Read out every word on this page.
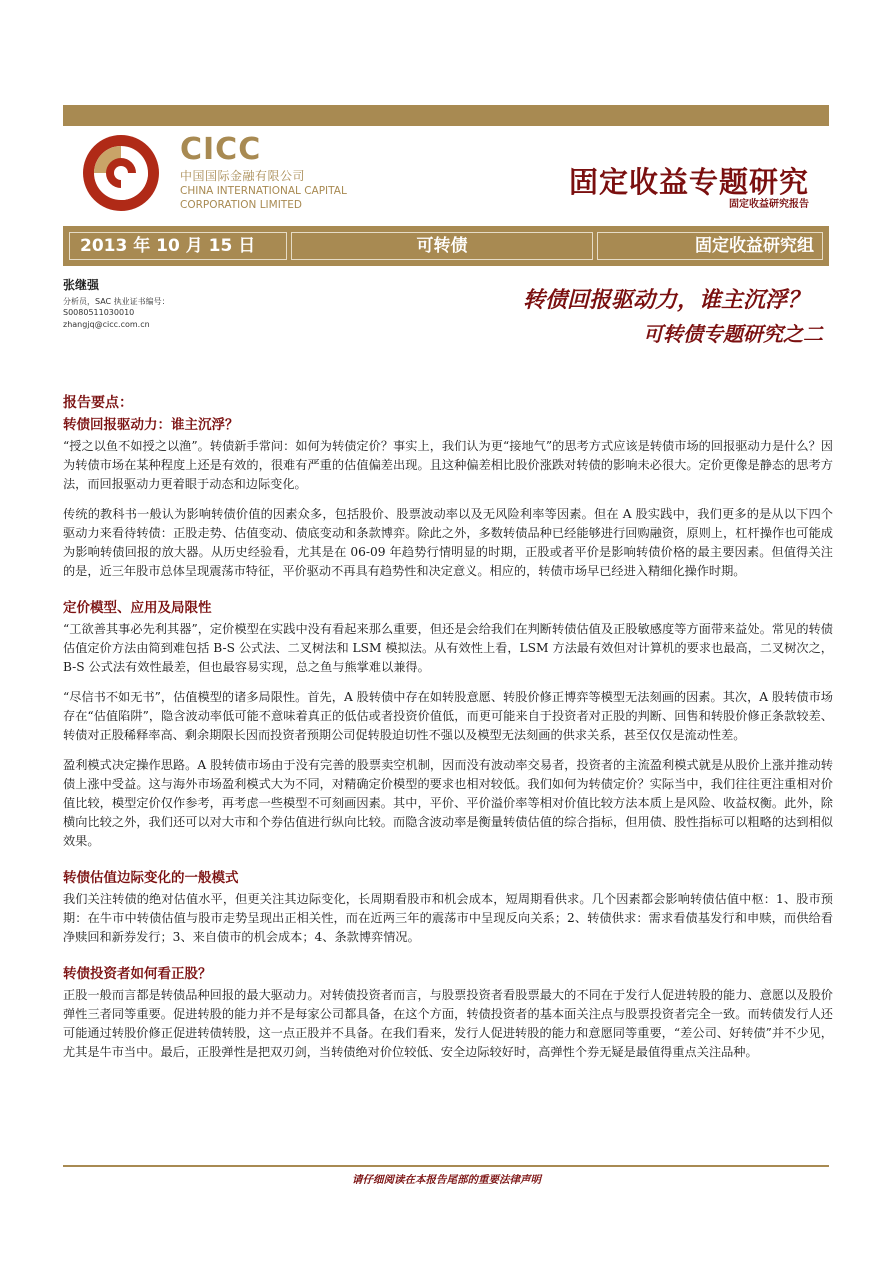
CICC
中国国际金融有限公司
CHINA INTERNATIONAL CAPITAL
CORPORATION LIMITED
固定收益专题研究
固定收益研究报告
2013 年 10 月 15 日	可转债	固定收益研究组
张继强
分析员，SAC 执业证书编号：
S0080511030010
zhangjq@cicc.com.cn
转债回报驱动力，谁主沉浮？
可转债专题研究之二
报告要点：
转债回报驱动力：谁主沉浮？

“授之以鱼不如授之以渔”。转债新手常问：如何为转债定价？事实上，我们认为更“接地气”的思考方式应该是转债市场的回报驱动力是什么？因为转债市场在某种程度上还是有效的，很难有严重的估值偏差出现。且这种偏差相比股价涨跌对转债的影响未必很大。定价更像是静态的思考方法，而回报驱动力更着眼于动态和边际变化。

传统的教科书一般认为影响转债价值的因素众多，包括股价、股票波动率以及无风险利率等因素。但在 A 股实践中，我们更多的是从以下四个驱动力来看待转债：正股走势、估值变动、债底变动和条款博弈。除此之外，多数转债品种已经能够进行回购融资，原则上，杠杆操作也可能成为影响转债回报的放大器。从历史经验看，尤其是在 06-09 年趋势行情明显的时期，正股或者平价是影响转债价格的最主要因素。但值得关注的是，近三年股市总体呈现震荡市特征，平价驱动不再具有趋势性和决定意义。相应的，转债市场早已经进入精细化操作时期。

定价模型、应用及局限性

“工欲善其事必先利其器”，定价模型在实践中没有看起来那么重要，但还是会给我们在判断转债估值及正股敏感度等方面带来益处。常见的转债估值定价方法由简到难包括 B-S 公式法、二叉树法和 LSM 模拟法。从有效性上看，LSM 方法最有效但对计算机的要求也最高，二叉树次之，B-S 公式法有效性最差，但也最容易实现，总之鱼与熊掌难以兼得。

“尽信书不如无书”，估值模型的诸多局限性。首先，A 股转债中存在如转股意愿、转股价修正博弈等模型无法刻画的因素。其次，A 股转债市场存在“估值陷阱”，隐含波动率低可能不意味着真正的低估或者投资价值低，而更可能来自于投资者对正股的判断、回售和转股价修正条款较差、转债对正股稀释率高、剩余期限长因而投资者预期公司促转股迫切性不强以及模型无法刻画的供求关系，甚至仅仅是流动性差。

盈利模式决定操作思路。A 股转债市场由于没有完善的股票卖空机制，因而没有波动率交易者，投资者的主流盈利模式就是从股价上涨并推动转债上涨中受益。这与海外市场盈利模式大为不同，对精确定价模型的要求也相对较低。我们如何为转债定价？实际当中，我们往往更注重相对价值比较，模型定价仅作参考，再考虑一些模型不可刻画因素。其中，平价、平价溢价率等相对价值比较方法本质上是风险、收益权衡。此外，除横向比较之外，我们还可以对大市和个券估值进行纵向比较。而隐含波动率是衡量转债估值的综合指标，但用债、股性指标可以粗略的达到相似效果。

转债估值边际变化的一般模式

我们关注转债的绝对估值水平，但更关注其边际变化，长周期看股市和机会成本，短周期看供求。几个因素都会影响转债估值中枢：1、股市预期：在牛市中转债估值与股市走势呈现出正相关性，而在近两三年的震荡市中呈现反向关系；2、转债供求：需求看债基发行和申赎，而供给看净赎回和新券发行；3、来自债市的机会成本；4、条款博弈情况。

转债投资者如何看正股？

正股一般而言都是转债品种回报的最大驱动力。对转债投资者而言，与股票投资者看股票最大的不同在于发行人促进转股的能力、意愿以及股价弹性三者同等重要。促进转股的能力并不是每家公司都具备，在这个方面，转债投资者的基本面关注点与股票投资者完全一致。而转债发行人还可能通过转股价修正促进转债转股，这一点正股并不具备。在我们看来，发行人促进转股的能力和意愿同等重要，“差公司、好转债”并不少见，尤其是牛市当中。最后，正股弹性是把双刃剑，当转债绝对价位较低、安全边际较好时，高弹性个券无疑是最值得重点关注品种。

请仔细阅读在本报告尾部的重要法律声明
